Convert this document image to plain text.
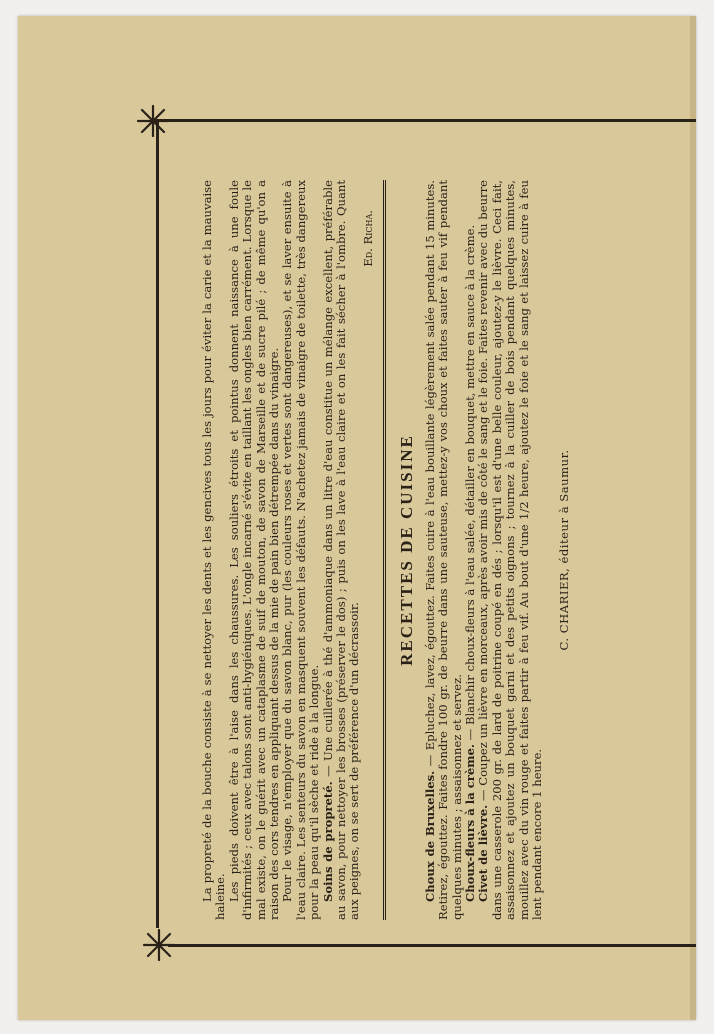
La propreté de la bouche consiste à se nettoyer les dents et les gencives tous les jours pour éviter la carie et la mauvaise haleine. Les pieds doivent être à l'aise dans les chaussures. Les souliers étroits et pointus donnent naissance à une foule d'infirmités ; ceux avec talons sont anti-hygiéniques. L'ongle incarné s'évite en taillant les ongles bien carrément. Lorsque le mal existe, on le guérit avec un cataplasme de suif de mouton, de savon de Marseille et de sucre pilé ; de même qu'on a raison des cors tendres en appliquant dessus de la mie de pain bien détrempée dans du vinaigre. Pour le visage, n'employer que du savon blanc, pur (les couleurs roses et vertes sont dangereuses), et se laver ensuite à l'eau claire. Les senteurs du savon en masquent souvent les défauts. N'achetez jamais de vinaigre de toilette, très dangereux pour la peau qu'il sèche et ride à la longue. Soins de propreté. — Une cuillerée à thé d'ammoniaque dans un litre d'eau constitue un mélange excellent, préférable au savon, pour nettoyer les brosses (préserver le dos) ; puis on les lave à l'eau claire et on les fait sécher à l'ombre. Quant aux peignes, on se sert de préférence d'un décrassoir.

Ed. Richa.
RECETTES DE CUISINE

Choux de Bruxelles. — Epluchez, lavez, égouttez. Faites cuire à l'eau bouillante légèrement salée pendant 15 minutes. Retirez, égouttez. Faites fondre 100 gr. de beurre dans une sauteuse, mettez-y vos choux et faites sauter à feu vif pendant quelques minutes ; assaisonnez et servez. Choux-fleurs à la crème. — Blanchir choux-fleurs à l'eau salée, détailler en bouquet, mettre en sauce à la crème.

Civet de lièvre. — Coupez un lièvre en morceaux, après avoir mis de côté le sang et le foie. Faites revenir avec du beurre dans une casserole 200 gr. de lard de poitrine coupé en dés ; lorsqu'il est d'une belle couleur, ajoutez-y le lièvre. Ceci fait, assaisonnez et ajoutez un bouquet garni et des petits oignons ; tournez à la cuiller de bois pendant quelques minutes, mouillez avec du vin rouge et faites partir à feu vif. Au bout d'une 1/2 heure, ajoutez le foie et le sang et laissez cuire à feu lent pendant encore 1 heure.

C. CHARIER, éditeur à Saumur.
